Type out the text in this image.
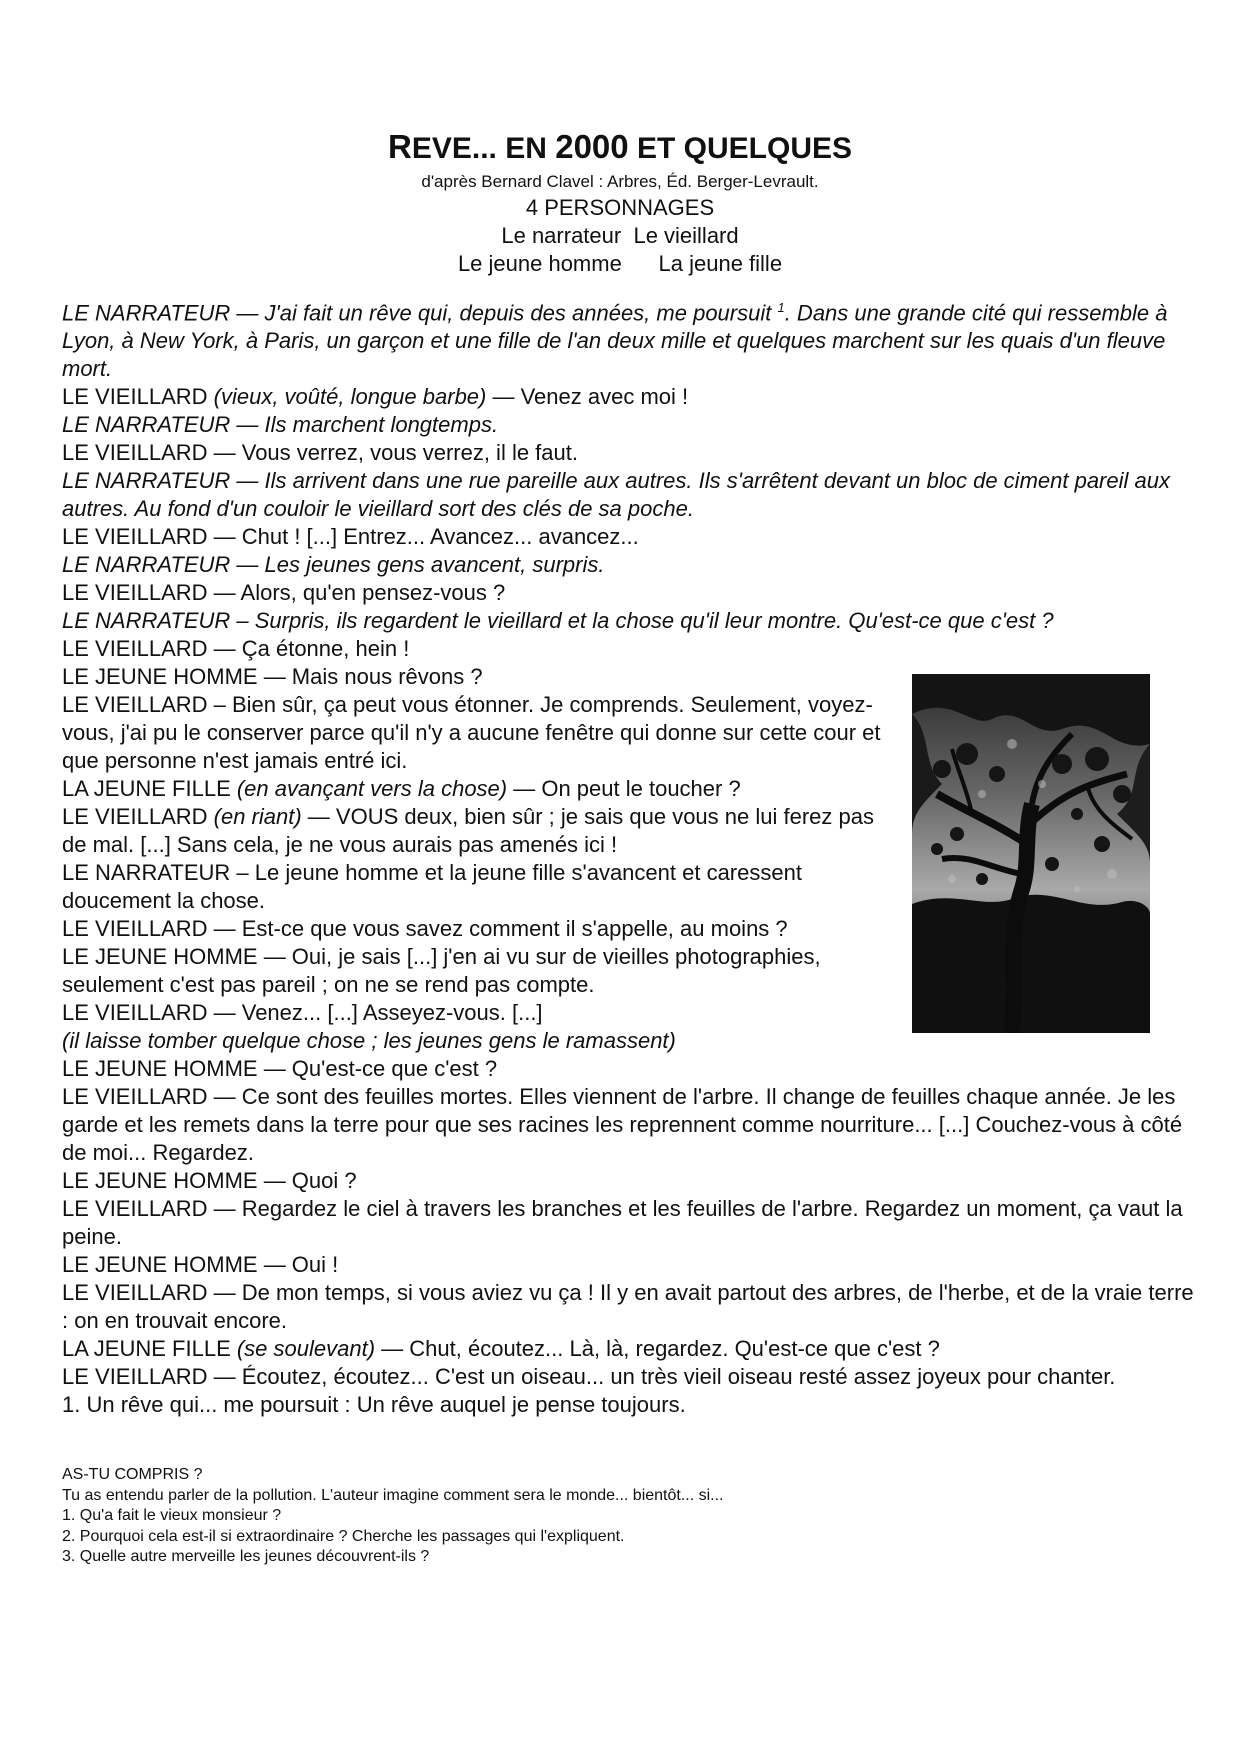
REVE... EN 2000 ET QUELQUES
d'après Bernard Clavel : Arbres, Éd. Berger-Levrault.
4 PERSONNAGES
Le narrateur Le vieillard
Le jeune homme La jeune fille

LE NARRATEUR — J'ai fait un rêve qui, depuis des années, me poursuit $^1$. Dans une grande cité qui ressemble à Lyon, à New York, à Paris, un garçon et une fille de l'an deux mille et quelques marchent sur les quais d'un fleuve mort.

LE VIEILLARD (vieux, voûté, longue barbe) — Venez avec moi !

LE NARRATEUR — Ils marchent longtemps.

LE VIEILLARD — Vous verrez, vous verrez, il le faut.

LE NARRATEUR — Ils arrivent dans une rue pareille aux autres. Ils s'arrêtent devant un bloc de ciment pareil aux autres. Au fond d'un couloir le vieillard sort des clés de sa poche.

LE VIEILLARD — Chut ! [...] Entrez... Avancez... avancez...

LE NARRATEUR — Les jeunes gens avancent, surpris.

LE VIEILLARD — Alors, qu'en pensez-vous ?

LE NARRATEUR – Surpris, ils regardent le vieillard et la chose qu'il leur montre. Qu'est-ce que c'est ?

LE VIEILLARD — Ça étonne, hein !

LE JEUNE HOMME — Mais nous rêvons ?

LE VIEILLARD – Bien sûr, ça peut vous étonner. Je comprends. Seulement, voyez-vous, j'ai pu le conserver parce qu'il n'y a aucune fenêtre qui donne sur cette cour et que personne n'est jamais entré ici.

LA JEUNE FILLE (en avançant vers la chose) — On peut le toucher ?

LE VIEILLARD (en riant) — VOUS deux, bien sûr ; je sais que vous ne lui ferez pas de mal. [...] Sans cela, je ne vous aurais pas amenés ici !

LE NARRATEUR – Le jeune homme et la jeune fille s'avancent et caressent doucement la chose.

LE VIEILLARD — Est-ce que vous savez comment il s'appelle, au moins ?

LE JEUNE HOMME — Oui, je sais [...] j'en ai vu sur de vieilles photographies, seulement c'est pas pareil ; on ne se rend pas compte.

LE VIEILLARD — Venez... [...] Asseyez-vous. [...]

(il laisse tomber quelque chose ; les jeunes gens le ramassent)

LE JEUNE HOMME — Qu'est-ce que c'est ?

LE VIEILLARD — Ce sont des feuilles mortes. Elles viennent de l'arbre. Il change de feuilles chaque année. Je les garde et les remets dans la terre pour que ses racines les reprennent comme nourriture... [...] Couchez-vous à côté de moi... Regardez.

LE JEUNE HOMME — Quoi ?

LE VIEILLARD — Regardez le ciel à travers les branches et les feuilles de l'arbre. Regardez un moment, ça vaut la peine.

LE JEUNE HOMME — Oui !

LE VIEILLARD — De mon temps, si vous aviez vu ça ! Il y en avait partout des arbres, de l'herbe, et de la vraie terre : on en trouvait encore.

LA JEUNE FILLE (se soulevant) — Chut, écoutez... Là, là, regardez. Qu'est-ce que c'est ?

LE VIEILLARD — Écoutez, écoutez... C'est un oiseau... un très vieil oiseau resté assez joyeux pour chanter.

1. Un rêve qui... me poursuit : Un rêve auquel je pense toujours.

AS-TU COMPRIS ?

Tu as entendu parler de la pollution. L'auteur imagine comment sera le monde... bientôt... si...

1. Qu'a fait le vieux monsieur ?

2. Pourquoi cela est-il si extraordinaire ? Cherche les passages qui l'expliquent.

3. Quelle autre merveille les jeunes découvrent-ils ?
